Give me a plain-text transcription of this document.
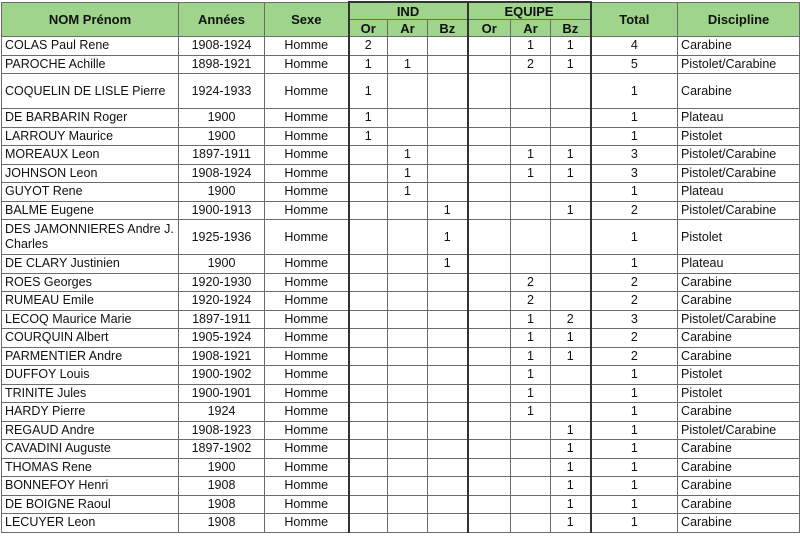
NOM Prénom	Années	Sexe	IND			EQUIPE			Total	Discipline
			Or	Ar	Bz	Or	Ar	Bz		
COLAS Paul Rene	1908-1924	Homme	2				1	1	4	Carabine
PAROCHE Achille	1898-1921	Homme	1	1			2	1	5	Pistolet/Carabine
COQUELIN DE LISLE Pierre	1924-1933	Homme	1						1	Carabine
DE BARBARIN Roger	1900	Homme	1						1	Plateau
LARROUY Maurice	1900	Homme	1						1	Pistolet
MOREAUX Leon	1897-1911	Homme		1			1	1	3	Pistolet/Carabine
JOHNSON Leon	1908-1924	Homme		1			1	1	3	Pistolet/Carabine
GUYOT Rene	1900	Homme		1					1	Plateau
BALME Eugene	1900-1913	Homme			1			1	2	Pistolet/Carabine
DES JAMONNIERES Andre J. Charles	1925-1936	Homme			1				1	Pistolet
DE CLARY Justinien	1900	Homme			1				1	Plateau
ROES Georges	1920-1930	Homme					2		2	Carabine
RUMEAU Emile	1920-1924	Homme					2		2	Carabine
LECOQ Maurice Marie	1897-1911	Homme					1	2	3	Pistolet/Carabine
COURQUIN Albert	1905-1924	Homme					1	1	2	Carabine
PARMENTIER Andre	1908-1921	Homme					1	1	2	Carabine
DUFFOY Louis	1900-1902	Homme					1		1	Pistolet
TRINITE Jules	1900-1901	Homme					1		1	Pistolet
HARDY Pierre	1924	Homme					1		1	Carabine
REGAUD Andre	1908-1923	Homme						1	1	Pistolet/Carabine
CAVADINI Auguste	1897-1902	Homme						1	1	Carabine
THOMAS Rene	1900	Homme						1	1	Carabine
BONNEFOY Henri	1908	Homme						1	1	Carabine
DE BOIGNE Raoul	1908	Homme						1	1	Carabine
LECUYER Leon	1908	Homme						1	1	Carabine
